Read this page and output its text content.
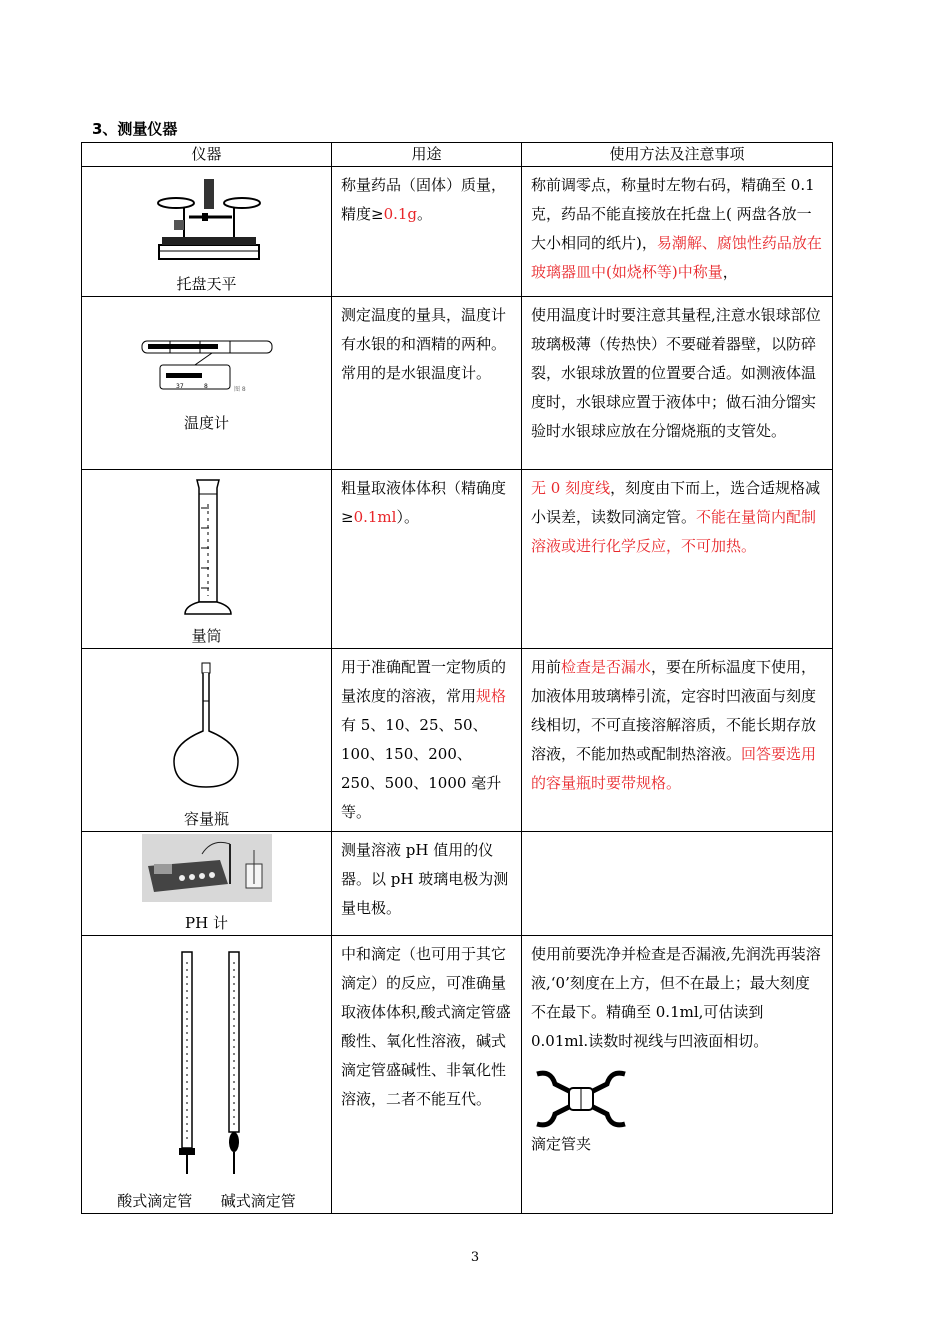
3、测量仪器
仪器	用途	使用方法及注意事项

托盘天平	称量药品（固体）质量，精度≥0.1g。	称前调零点，称量时左物右码，精确至 0.1 克，药品不能直接放在托盘上( 两盘各放一大小相同的纸片)，易潮解、腐蚀性药品放在玻璃器皿中(如烧杯等)中称量，

37 8 图 8
温度计	测定温度的量具，温度计有水银的和酒精的两种。常用的是水银温度计。	使用温度计时要注意其量程,注意水银球部位玻璃极薄（传热快）不要碰着器壁，以防碎裂，水银球放置的位置要合适。如测液体温度时，水银球应置于液体中；做石油分馏实验时水银球应放在分馏烧瓶的支管处。

量筒	粗量取液体体积（精确度≥0.1ml）。	无 0 刻度线，刻度由下而上，选合适规格减小误差，读数同滴定管。不能在量筒内配制溶液或进行化学反应，不可加热。

容量瓶	用于准确配置一定物质的量浓度的溶液，常用规格有 5、10、25、50、100、150、200、250、500、1000 毫升等。	用前检查是否漏水，要在所标温度下使用，加液体用玻璃棒引流，定容时凹液面与刻度线相切，不可直接溶解溶质，不能长期存放溶液，不能加热或配制热溶液。回答要选用的容量瓶时要带规格。

PH 计	测量溶液 pH 值用的仪器。以 pH 玻璃电极为测量电极。	

酸式滴定管      碱式滴定管	中和滴定（也可用于其它滴定）的反应，可准确量取液体体积,酸式滴定管盛酸性、氧化性溶液，碱式滴定管盛碱性、非氧化性溶液，二者不能互代。	使用前要洗净并检查是否漏液,先润洗再装溶液,‘0’刻度在上方，但不在最上；最大刻度不在最下。精确至 0.1ml,可估读到 0.01ml.读数时视线与凹液面相切。
滴定管夹
3
